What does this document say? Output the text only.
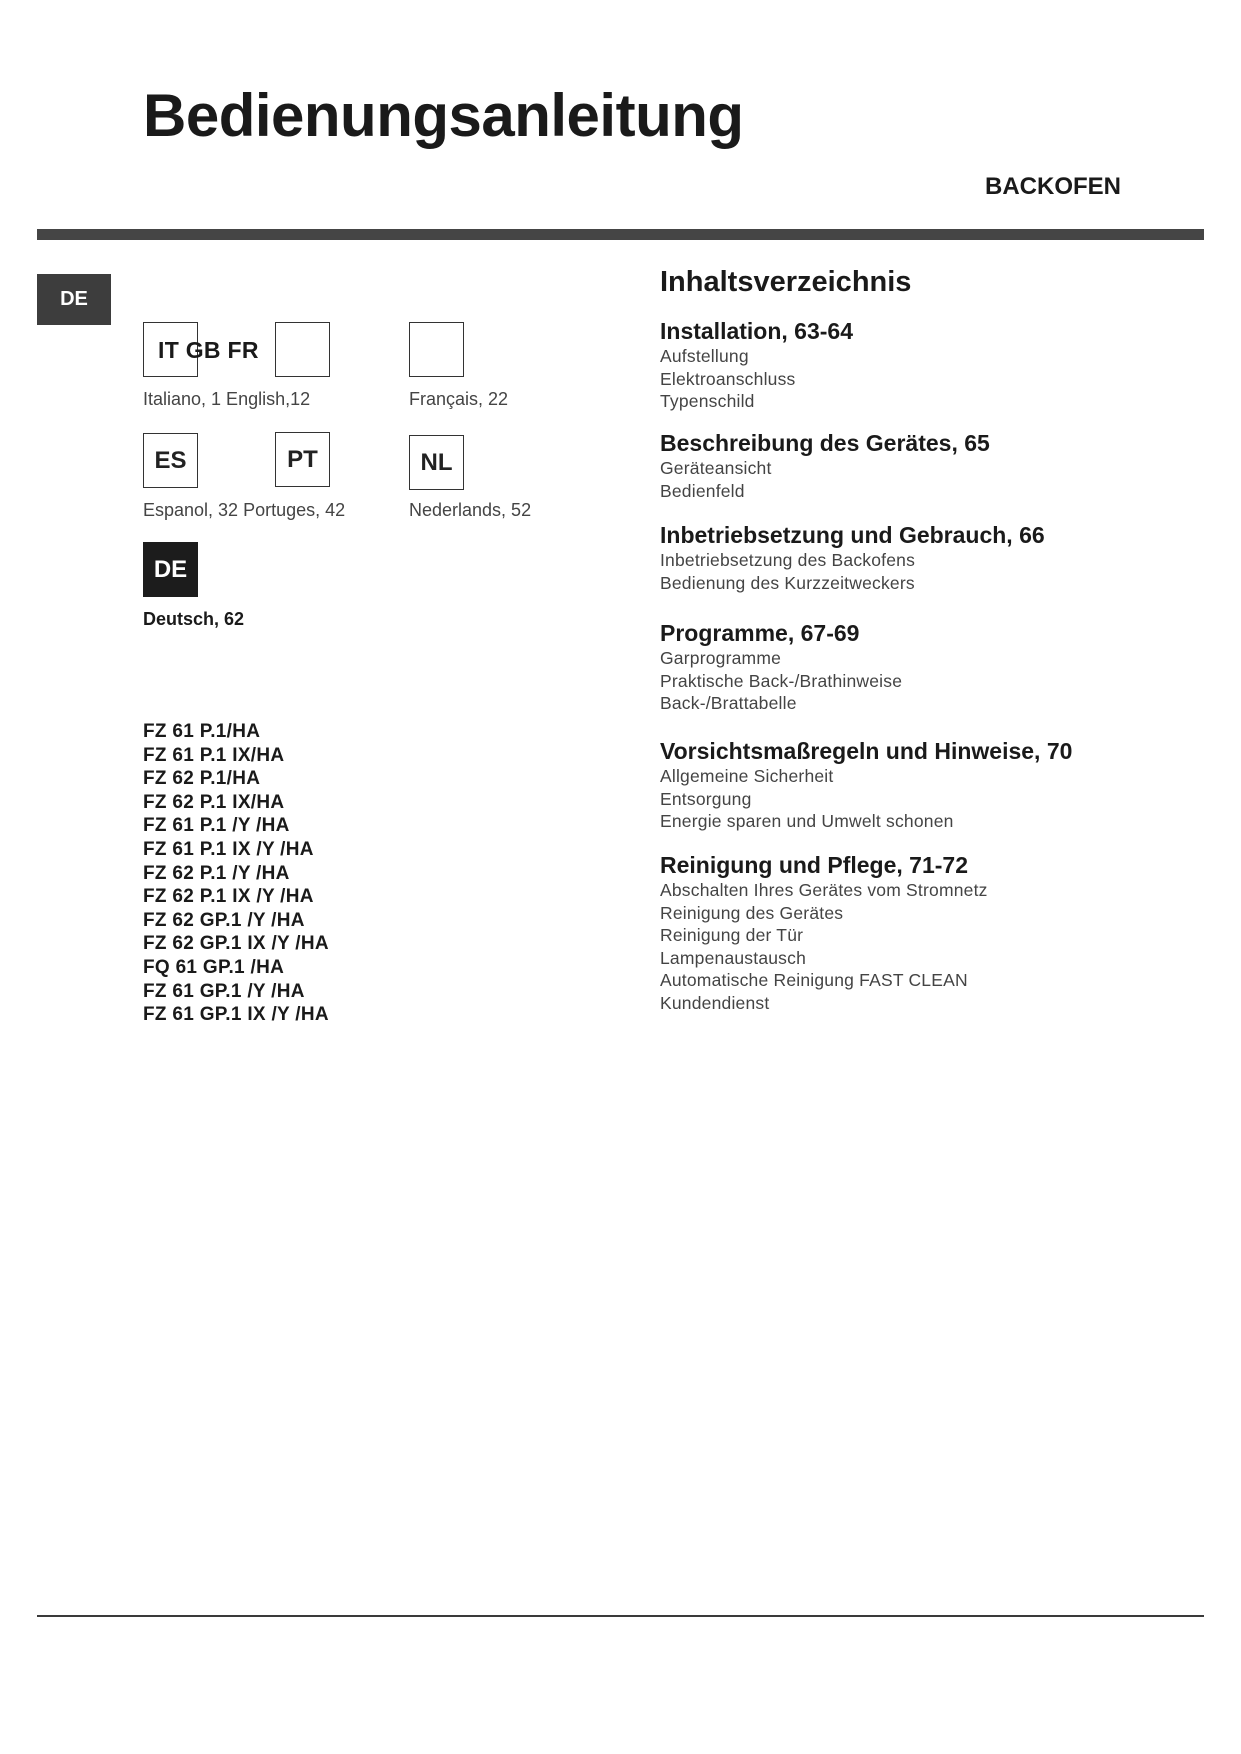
Bedienungsanleitung
BACKOFEN
DE
IT GB FR
Italiano, 1 English,12	Français, 22
ES	PT	NL
Espanol, 32 Portuges, 42	Nederlands, 52
DE
Deutsch, 62
FZ 61 P.1/HA
FZ 61 P.1 IX/HA
FZ 62 P.1/HA
FZ 62 P.1 IX/HA
FZ 61 P.1 /Y /HA
FZ 61 P.1 IX /Y /HA
FZ 62 P.1 /Y /HA
FZ 62 P.1 IX /Y /HA
FZ 62 GP.1 /Y /HA
FZ 62 GP.1 IX /Y /HA
FQ 61 GP.1 /HA
FZ 61 GP.1 /Y /HA
FZ 61 GP.1 IX /Y /HA
Inhaltsverzeichnis
Installation, 63-64
Aufstellung
Elektroanschluss
Typenschild
Beschreibung des Gerätes, 65
Geräteansicht
Bedienfeld
Inbetriebsetzung und Gebrauch, 66
Inbetriebsetzung des Backofens
Bedienung des Kurzzeitweckers
Programme, 67-69
Garprogramme
Praktische Back-/Brathinweise
Back-/Brattabelle
Vorsichtsmaßregeln und Hinweise, 70
Allgemeine Sicherheit
Entsorgung
Energie sparen und Umwelt schonen
Reinigung und Pflege, 71-72
Abschalten Ihres Gerätes vom Stromnetz
Reinigung des Gerätes
Reinigung der Tür
Lampenaustausch
Automatische Reinigung FAST CLEAN
Kundendienst
